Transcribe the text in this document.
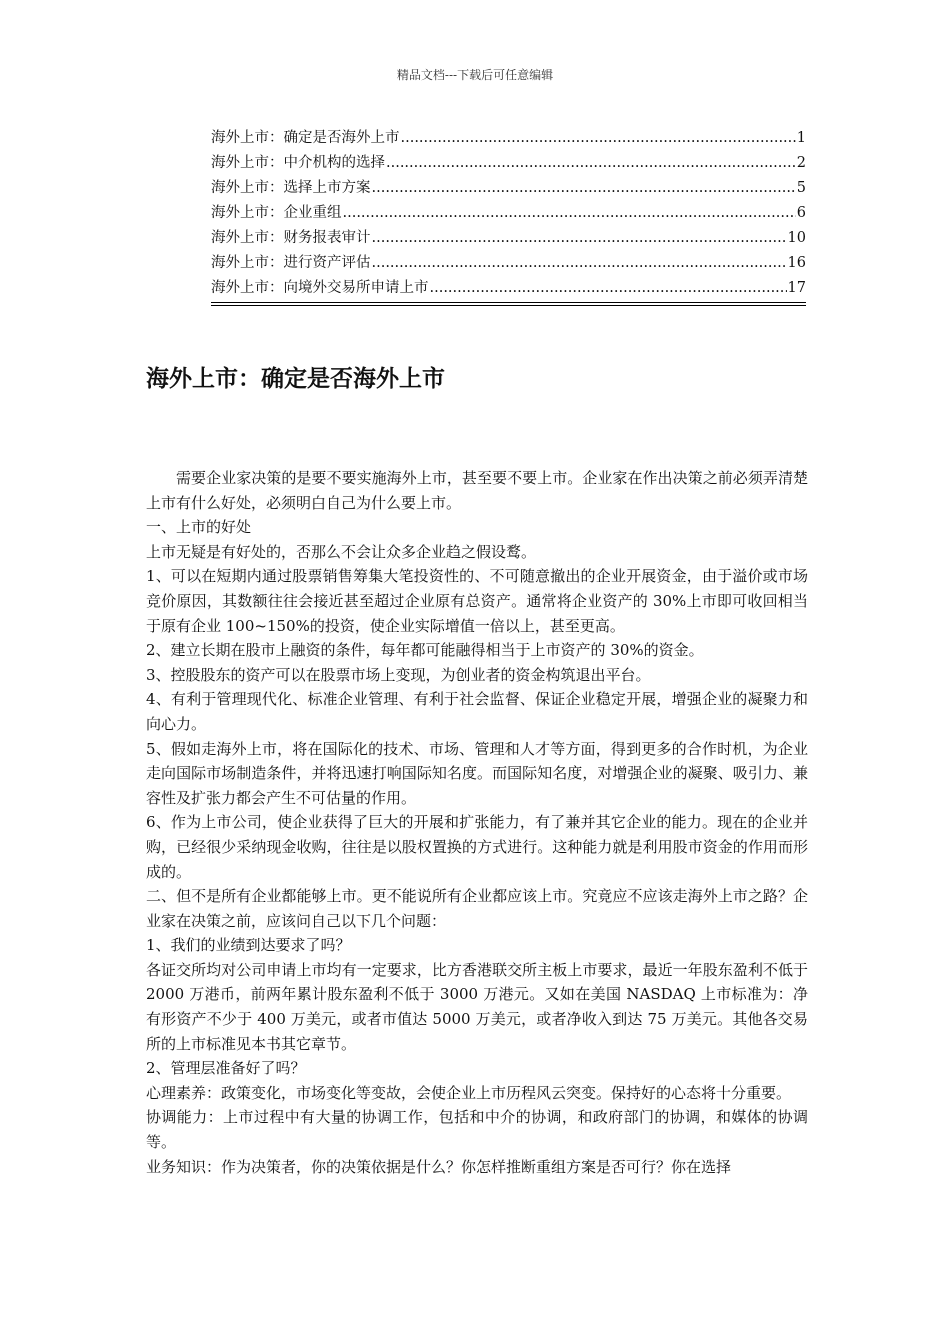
精品文档---下载后可任意编辑
海外上市：确定是否海外上市 .....	1
海外上市：中介机构的选择 .....	2
海外上市：选择上市方案 .....	5
海外上市：企业重组 .....	6
海外上市：财务报表审计 .....	10
海外上市：进行资产评估 .....	16
海外上市：向境外交易所申请上市 .....	17
海外上市：确定是否海外上市

需要企业家决策的是要不要实施海外上市，甚至要不要上市。企业家在作出决策之前必须弄清楚上市有什么好处，必须明白自己为什么要上市。

一、上市的好处

上市无疑是有好处的，否那么不会让众多企业趋之假设鹜。

1、可以在短期内通过股票销售筹集大笔投资性的、不可随意撤出的企业开展资金，由于溢价或市场竞价原因，其数额往往会接近甚至超过企业原有总资产。通常将企业资产的 30%上市即可收回相当于原有企业 100~150%的投资，使企业实际增值一倍以上，甚至更高。

2、建立长期在股市上融资的条件，每年都可能融得相当于上市资产的 30%的资金。

3、控股股东的资产可以在股票市场上变现，为创业者的资金构筑退出平台。

4、有利于管理现代化、标准企业管理、有利于社会监督、保证企业稳定开展，增强企业的凝聚力和向心力。

5、假如走海外上市，将在国际化的技术、市场、管理和人才等方面，得到更多的合作时机，为企业走向国际市场制造条件，并将迅速打响国际知名度。而国际知名度，对增强企业的凝聚、吸引力、兼容性及扩张力都会产生不可估量的作用。

6、作为上市公司，使企业获得了巨大的开展和扩张能力，有了兼并其它企业的能力。现在的企业并购，已经很少采纳现金收购，往往是以股权置换的方式进行。这种能力就是利用股市资金的作用而形成的。

二、但不是所有企业都能够上市。更不能说所有企业都应该上市。究竟应不应该走海外上市之路？企业家在决策之前，应该问自己以下几个问题：

1、我们的业绩到达要求了吗？

各证交所均对公司申请上市均有一定要求，比方香港联交所主板上市要求，最近一年股东盈利不低于 2000 万港币，前两年累计股东盈利不低于 3000 万港元。又如在美国 NASDAQ 上市标准为：净有形资产不少于 400 万美元，或者市值达 5000 万美元，或者净收入到达 75 万美元。其他各交易所的上市标准见本书其它章节。

2、管理层准备好了吗？

心理素养：政策变化，市场变化等变故，会使企业上市历程风云突变。保持好的心态将十分重要。

协调能力：上市过程中有大量的协调工作，包括和中介的协调，和政府部门的协调，和媒体的协调等。

业务知识：作为决策者，你的决策依据是什么？你怎样推断重组方案是否可行？你在选择
